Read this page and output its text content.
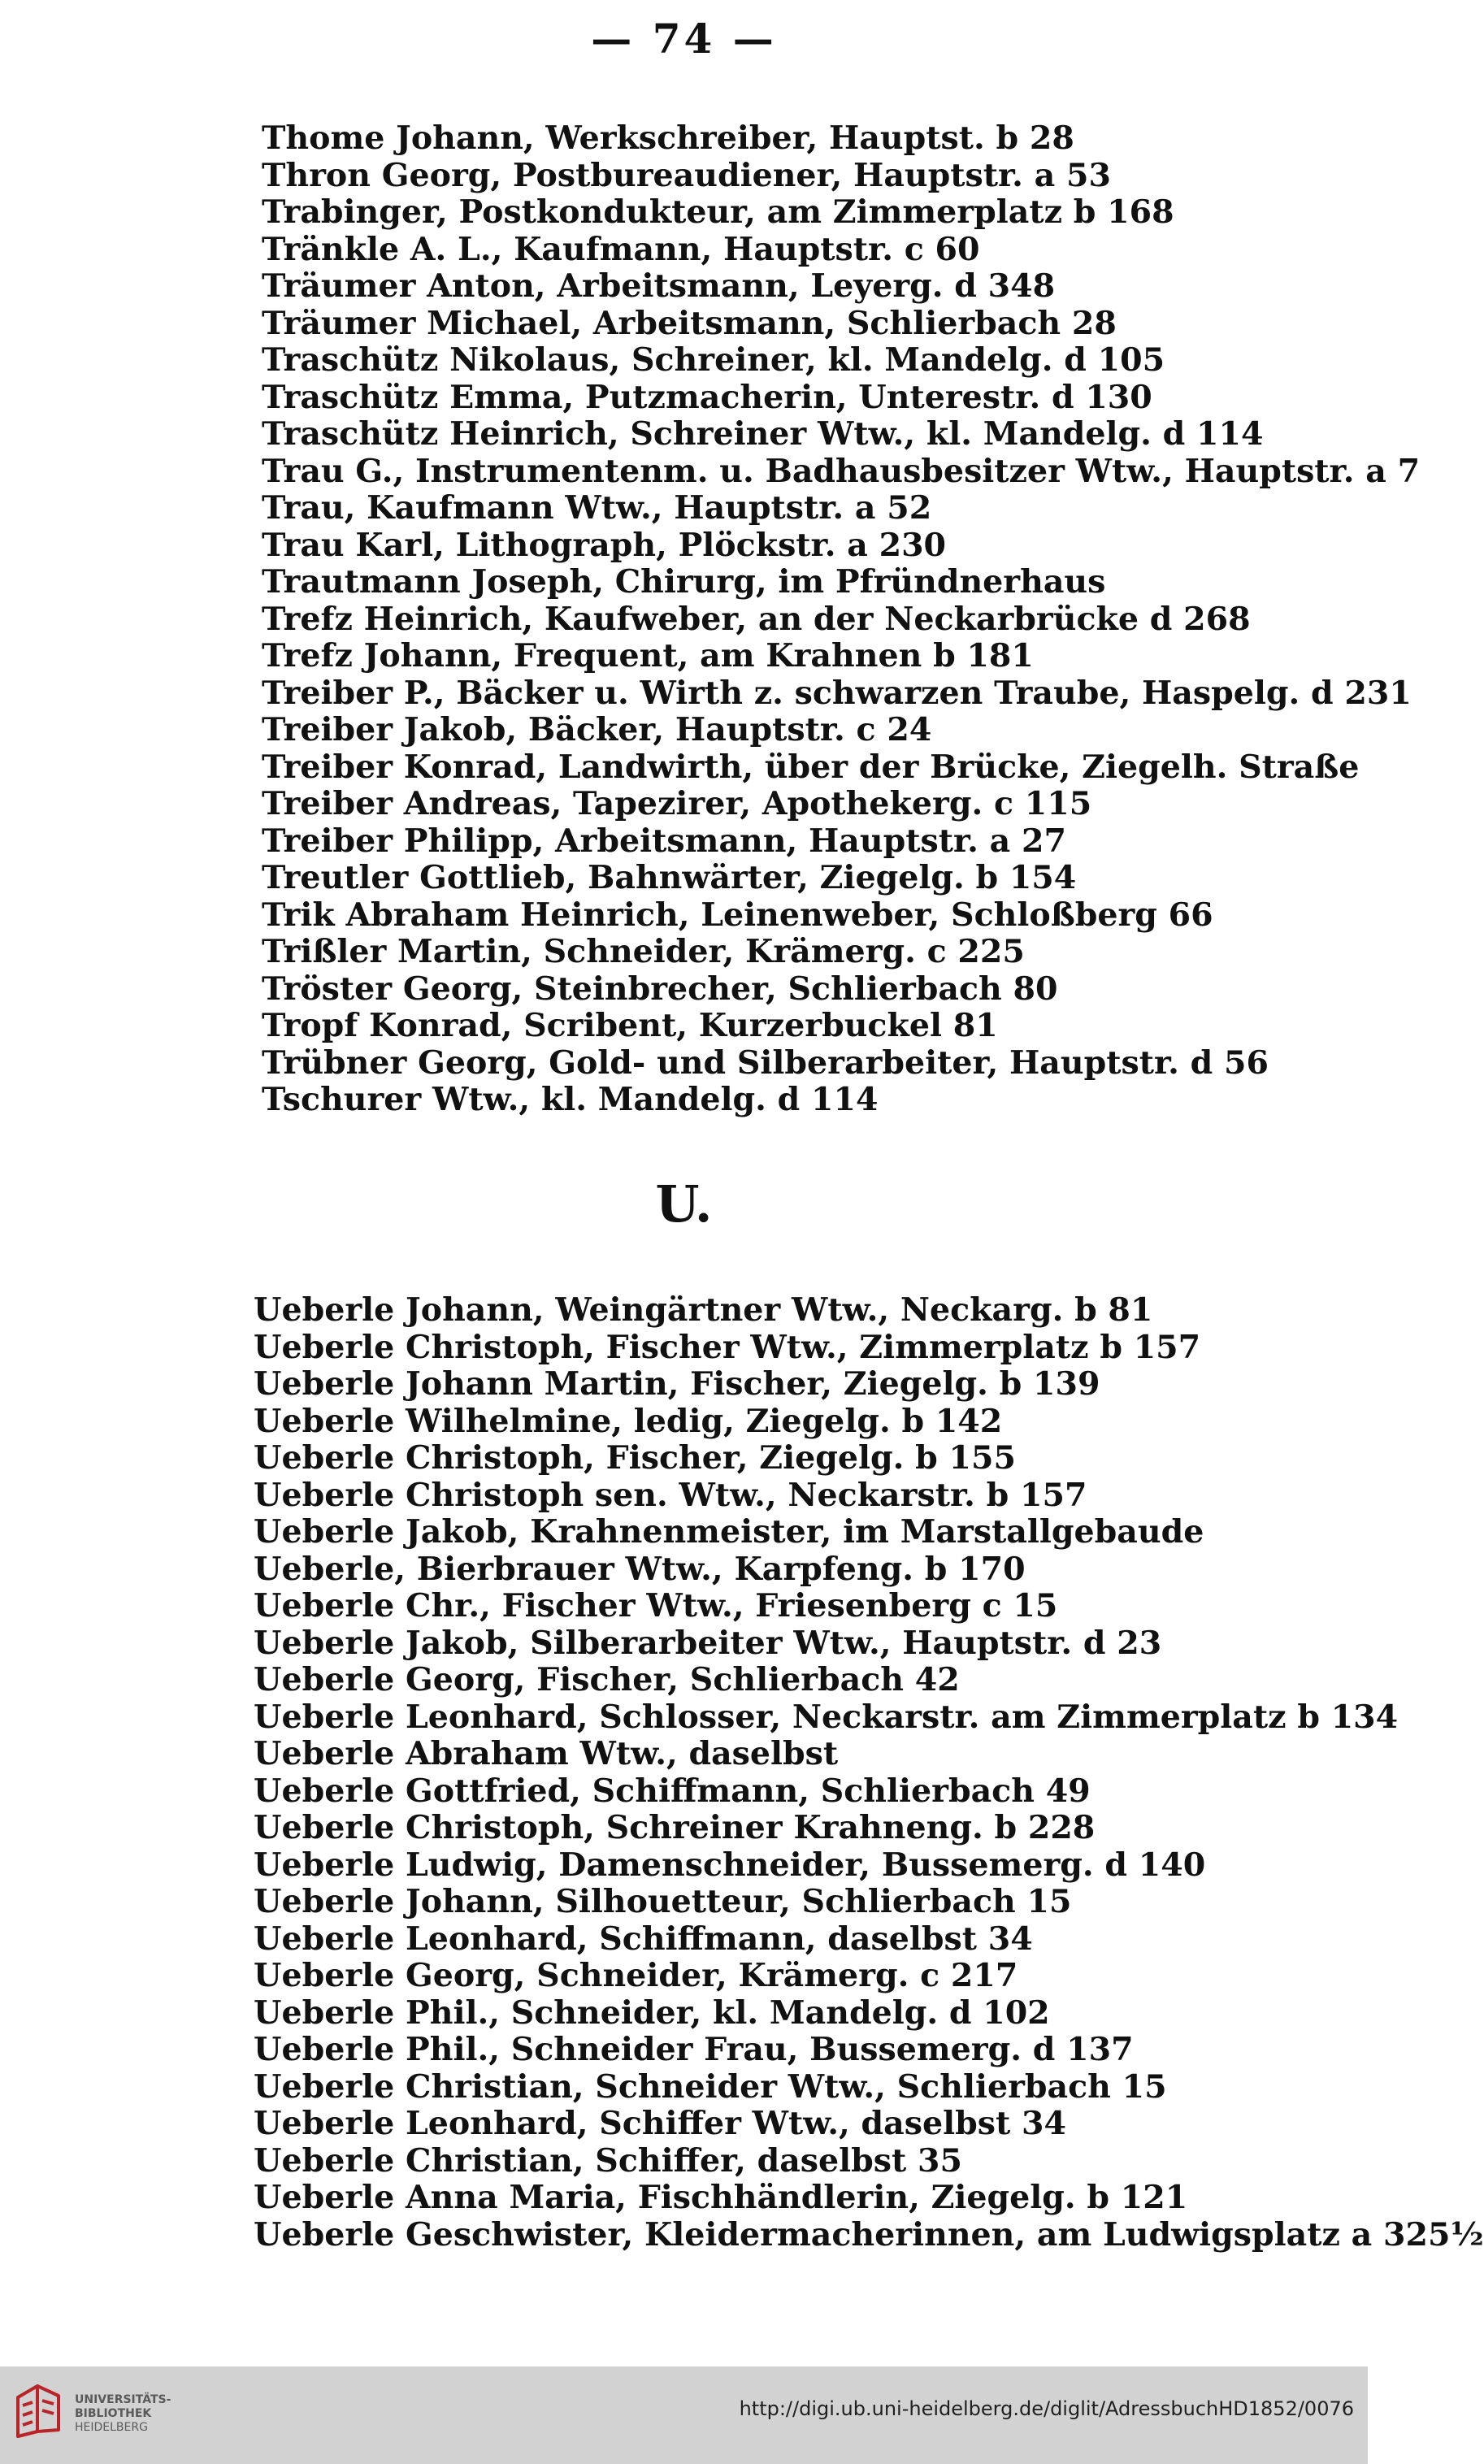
— 74 —
Thome Johann, Werkschreiber, Hauptst. b 28
Thron Georg, Postbureaudiener, Hauptstr. a 53
Trabinger, Postkondukteur, am Zimmerplatz b 168
Tränkle A. L., Kaufmann, Hauptstr. c 60
Träumer Anton, Arbeitsmann, Leyerg. d 348
Träumer Michael, Arbeitsmann, Schlierbach 28
Traschütz Nikolaus, Schreiner, kl. Mandelg. d 105
Traschütz Emma, Putzmacherin, Unterestr. d 130
Traschütz Heinrich, Schreiner Wtw., kl. Mandelg. d 114
Trau G., Instrumentenm. u. Badhausbesitzer Wtw., Hauptstr. a 7
Trau, Kaufmann Wtw., Hauptstr. a 52
Trau Karl, Lithograph, Plöckstr. a 230
Trautmann Joseph, Chirurg, im Pfründnerhaus
Trefz Heinrich, Kaufweber, an der Neckarbrücke d 268
Trefz Johann, Frequent, am Krahnen b 181
Treiber P., Bäcker u. Wirth z. schwarzen Traube, Haspelg. d 231
Treiber Jakob, Bäcker, Hauptstr. c 24
Treiber Konrad, Landwirth, über der Brücke, Ziegelh. Straße
Treiber Andreas, Tapezirer, Apothekerg. c 115
Treiber Philipp, Arbeitsmann, Hauptstr. a 27
Treutler Gottlieb, Bahnwärter, Ziegelg. b 154
Trik Abraham Heinrich, Leinenweber, Schloßberg 66
Trißler Martin, Schneider, Krämerg. c 225
Tröster Georg, Steinbrecher, Schlierbach 80
Tropf Konrad, Scribent, Kurzerbuckel 81
Trübner Georg, Gold- und Silberarbeiter, Hauptstr. d 56
Tschurer Wtw., kl. Mandelg. d 114
U.
Ueberle Johann, Weingärtner Wtw., Neckarg. b 81
Ueberle Christoph, Fischer Wtw., Zimmerplatz b 157
Ueberle Johann Martin, Fischer, Ziegelg. b 139
Ueberle Wilhelmine, ledig, Ziegelg. b 142
Ueberle Christoph, Fischer, Ziegelg. b 155
Ueberle Christoph sen. Wtw., Neckarstr. b 157
Ueberle Jakob, Krahnenmeister, im Marstallgebaude
Ueberle, Bierbrauer Wtw., Karpfeng. b 170
Ueberle Chr., Fischer Wtw., Friesenberg c 15
Ueberle Jakob, Silberarbeiter Wtw., Hauptstr. d 23
Ueberle Georg, Fischer, Schlierbach 42
Ueberle Leonhard, Schlosser, Neckarstr. am Zimmerplatz b 134
Ueberle Abraham Wtw., daselbst
Ueberle Gottfried, Schiffmann, Schlierbach 49
Ueberle Christoph, Schreiner Krahneng. b 228
Ueberle Ludwig, Damenschneider, Bussemerg. d 140
Ueberle Johann, Silhouetteur, Schlierbach 15
Ueberle Leonhard, Schiffmann, daselbst 34
Ueberle Georg, Schneider, Krämerg. c 217
Ueberle Phil., Schneider, kl. Mandelg. d 102
Ueberle Phil., Schneider Frau, Bussemerg. d 137
Ueberle Christian, Schneider Wtw., Schlierbach 15
Ueberle Leonhard, Schiffer Wtw., daselbst 34
Ueberle Christian, Schiffer, daselbst 35
Ueberle Anna Maria, Fischhändlerin, Ziegelg. b 121
Ueberle Geschwister, Kleidermacherinnen, am Ludwigsplatz a 325½
UNIVERSITÄTS-
BIBLIOTHEK
HEIDELBERG
http://digi.ub.uni-heidelberg.de/diglit/AdressbuchHD1852/0076
